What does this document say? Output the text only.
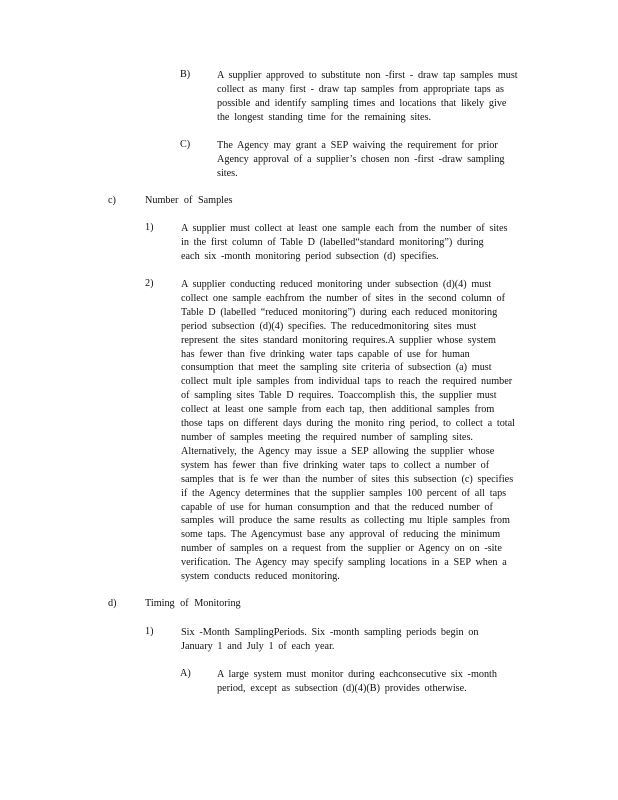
B)	A supplier approved to substitute non -first - draw tap samples must

collect as many first - draw tap samples from appropriate taps as

possible and identify sampling times and locations that likely give

the longest standing time for the remaining sites.

C)	The Agency may grant a SEP waiving the requirement for prior

Agency approval of a supplier’s chosen non -first -draw sampling

sites.

c)	Number of Samples
1)	A supplier must collect at least one sample each from the number of sites

in the first column of Table D (labelled“standard monitoring”) during

each six -month monitoring period subsection (d) specifies.

2)	A supplier conducting reduced monitoring under subsection (d)(4) must

collect one sample eachfrom the number of sites in the second column of

Table D (labelled “reduced monitoring”) during each reduced monitoring

period subsection (d)(4) specifies. The reducedmonitoring sites must

represent the sites standard monitoring requires.A supplier whose system

has fewer than five drinking water taps capable of use for human

consumption that meet the sampling site criteria of subsection (a) must

collect mult iple samples from individual taps to reach the required number

of sampling sites Table D requires. Toaccomplish this, the supplier must

collect at least one sample from each tap, then additional samples from

those taps on different days during the monito ring period, to collect a total

number of samples meeting the required number of sampling sites.

Alternatively, the Agency may issue a SEP allowing the supplier whose

system has fewer than five drinking water taps to collect a number of

samples that is fe wer than the number of sites this subsection (c) specifies

if the Agency determines that the supplier samples 100 percent of all taps

capable of use for human consumption and that the reduced number of

samples will produce the same results as collecting mu ltiple samples from

some taps. The Agencymust base any approval of reducing the minimum

number of samples on a request from the supplier or Agency on on -site

verification. The Agency may specify sampling locations in a SEP when a

system conducts reduced monitoring.

d)	Timing of Monitoring
1)	Six -Month SamplingPeriods. Six -month sampling periods begin on

January 1 and July 1 of each year.

A)	A large system must monitor during eachconsecutive six -month

period, except as subsection (d)(4)(B) provides otherwise.
